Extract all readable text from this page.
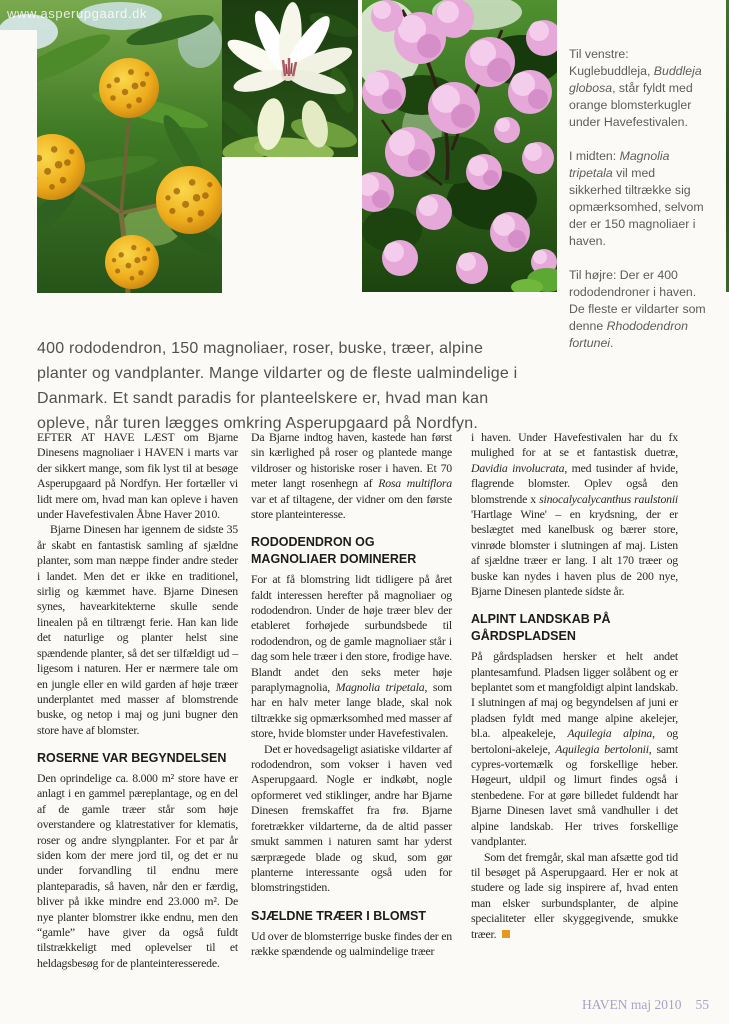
www.asperupgaard.dk

Til venstre: Kuglebuddleja, Buddleja globosa, står fyldt med orange blomsterkugler under Havefestivalen.

I midten: Magnolia tripetala vil med sikkerhed tiltrække sig opmærksomhed, selvom der er 150 magnoliaer i haven.

Til højre: Der er 400 rododendroner i haven. De fleste er vildarter som denne Rhododendron fortunei.

400 rododendron, 150 magnoliaer, roser, buske, træer, alpine planter og vandplanter. Mange vildarter og de fleste ualmindelige i Danmark. Et sandt paradis for planteelskere er, hvad man kan opleve, når turen lægges omkring Asperupgaard på Nordfyn.

EFTER AT HAVE LÆST om Bjarne Dinesens magnoliaer i HAVEN i marts var der sikkert mange, som fik lyst til at besøge Asperupgaard på Nordfyn. Her fortæller vi lidt mere om, hvad man kan opleve i haven under Havefestivalen Åbne Haver 2010.

Bjarne Dinesen har igennem de sidste 35 år skabt en fantastisk samling af sjældne planter, som man næppe finder andre steder i landet. Men det er ikke en traditionel, sirlig og kæmmet have. Bjarne Dinesen synes, havearkitekterne skulle sende linealen på en tiltrængt ferie. Han kan lide det naturlige og planter helst sine spændende planter, så det ser tilfældigt ud – ligesom i naturen. Her er nærmere tale om en jungle eller en wild garden af høje træer underplantet med masser af blomstrende buske, og netop i maj og juni bugner den store have af blomster.

ROSERNE VAR BEGYNDELSEN

Den oprindelige ca. 8.000 m² store have er anlagt i en gammel pæreplantage, og en del af de gamle træer står som høje overstandere og klatrestativer for klematis, roser og andre slyngplanter. For et par år siden kom der mere jord til, og det er nu under forvandling til endnu mere planteparadis, så haven, når den er færdig, bliver på ikke mindre end 23.000 m². De nye planter blomstrer ikke endnu, men den “gamle” have giver da også fuldt tilstrækkeligt med oplevelser til et heldagsbesøg for de planteinteresserede.

Da Bjarne indtog haven, kastede han først sin kærlighed på roser og plantede mange vildroser og historiske roser i haven. Et 70 meter langt rosenhegn af Rosa multiflora var et af tiltagene, der vidner om den første store planteinteresse.

RODODENDRON OG MAGNOLIAER DOMINERER

For at få blomstring lidt tidligere på året faldt interessen herefter på magnoliaer og rododendron. Under de høje træer blev der etableret forhøjede surbundsbede til rododendron, og de gamle magnoliaer står i dag som hele træer i den store, frodige have. Blandt andet den seks meter høje paraplymagnolia, Magnolia tripetala, som har en halv meter lange blade, skal nok tiltrække sig opmærksomhed med masser af store, hvide blomster under Havefestivalen.

Det er hovedsageligt asiatiske vildarter af rododendron, som vokser i haven ved Asperupgaard. Nogle er indkøbt, nogle opformeret ved stiklinger, andre har Bjarne Dinesen fremskaffet fra frø. Bjarne foretrækker vildarterne, da de altid passer smukt sammen i naturen samt har yderst særprægede blade og skud, som gør planterne interessante også uden for blomstringstiden.

SJÆLDNE TRÆER I BLOMST

Ud over de blomsterrige buske findes der en række spændende og ualmindelige træer

i haven. Under Havefestivalen har du fx mulighed for at se et fantastisk duetræ, Davidia involucrata, med tusinder af hvide, flagrende blomster. Oplev også den blomstrende x sinocalycalycanthus raulstonii 'Hartlage Wine' – en krydsning, der er beslægtet med kanelbusk og bærer store, vinrøde blomster i slutningen af maj. Listen af sjældne træer er lang. I alt 170 træer og buske kan nydes i haven plus de 200 nye, Bjarne Dinesen plantede sidste år.

ALPINT LANDSKAB PÅ GÅRDSPLADSEN

På gårdspladsen hersker et helt andet plantesamfund. Pladsen ligger solåbent og er beplantet som et mangfoldigt alpint landskab. I slutningen af maj og begyndelsen af juni er pladsen fyldt med mange alpine akelejer, bl.a. alpeakeleje, Aquilegia alpina, og bertoloni-akeleje, Aquilegia bertolonii, samt cypres-vortemælk og forskellige heber. Høgeurt, uldpil og limurt findes også i stenbedene. For at gøre billedet fuldendt har Bjarne Dinesen lavet små vandhuller i det alpine landskab. Her trives forskellige vandplanter.

Som det fremgår, skal man afsætte god tid til besøget på Asperupgaard. Her er nok at studere og lade sig inspirere af, hvad enten man elsker surbundsplanter, de alpine specialiteter eller skyggegivende, smukke træer.

HAVEN maj 2010 55
